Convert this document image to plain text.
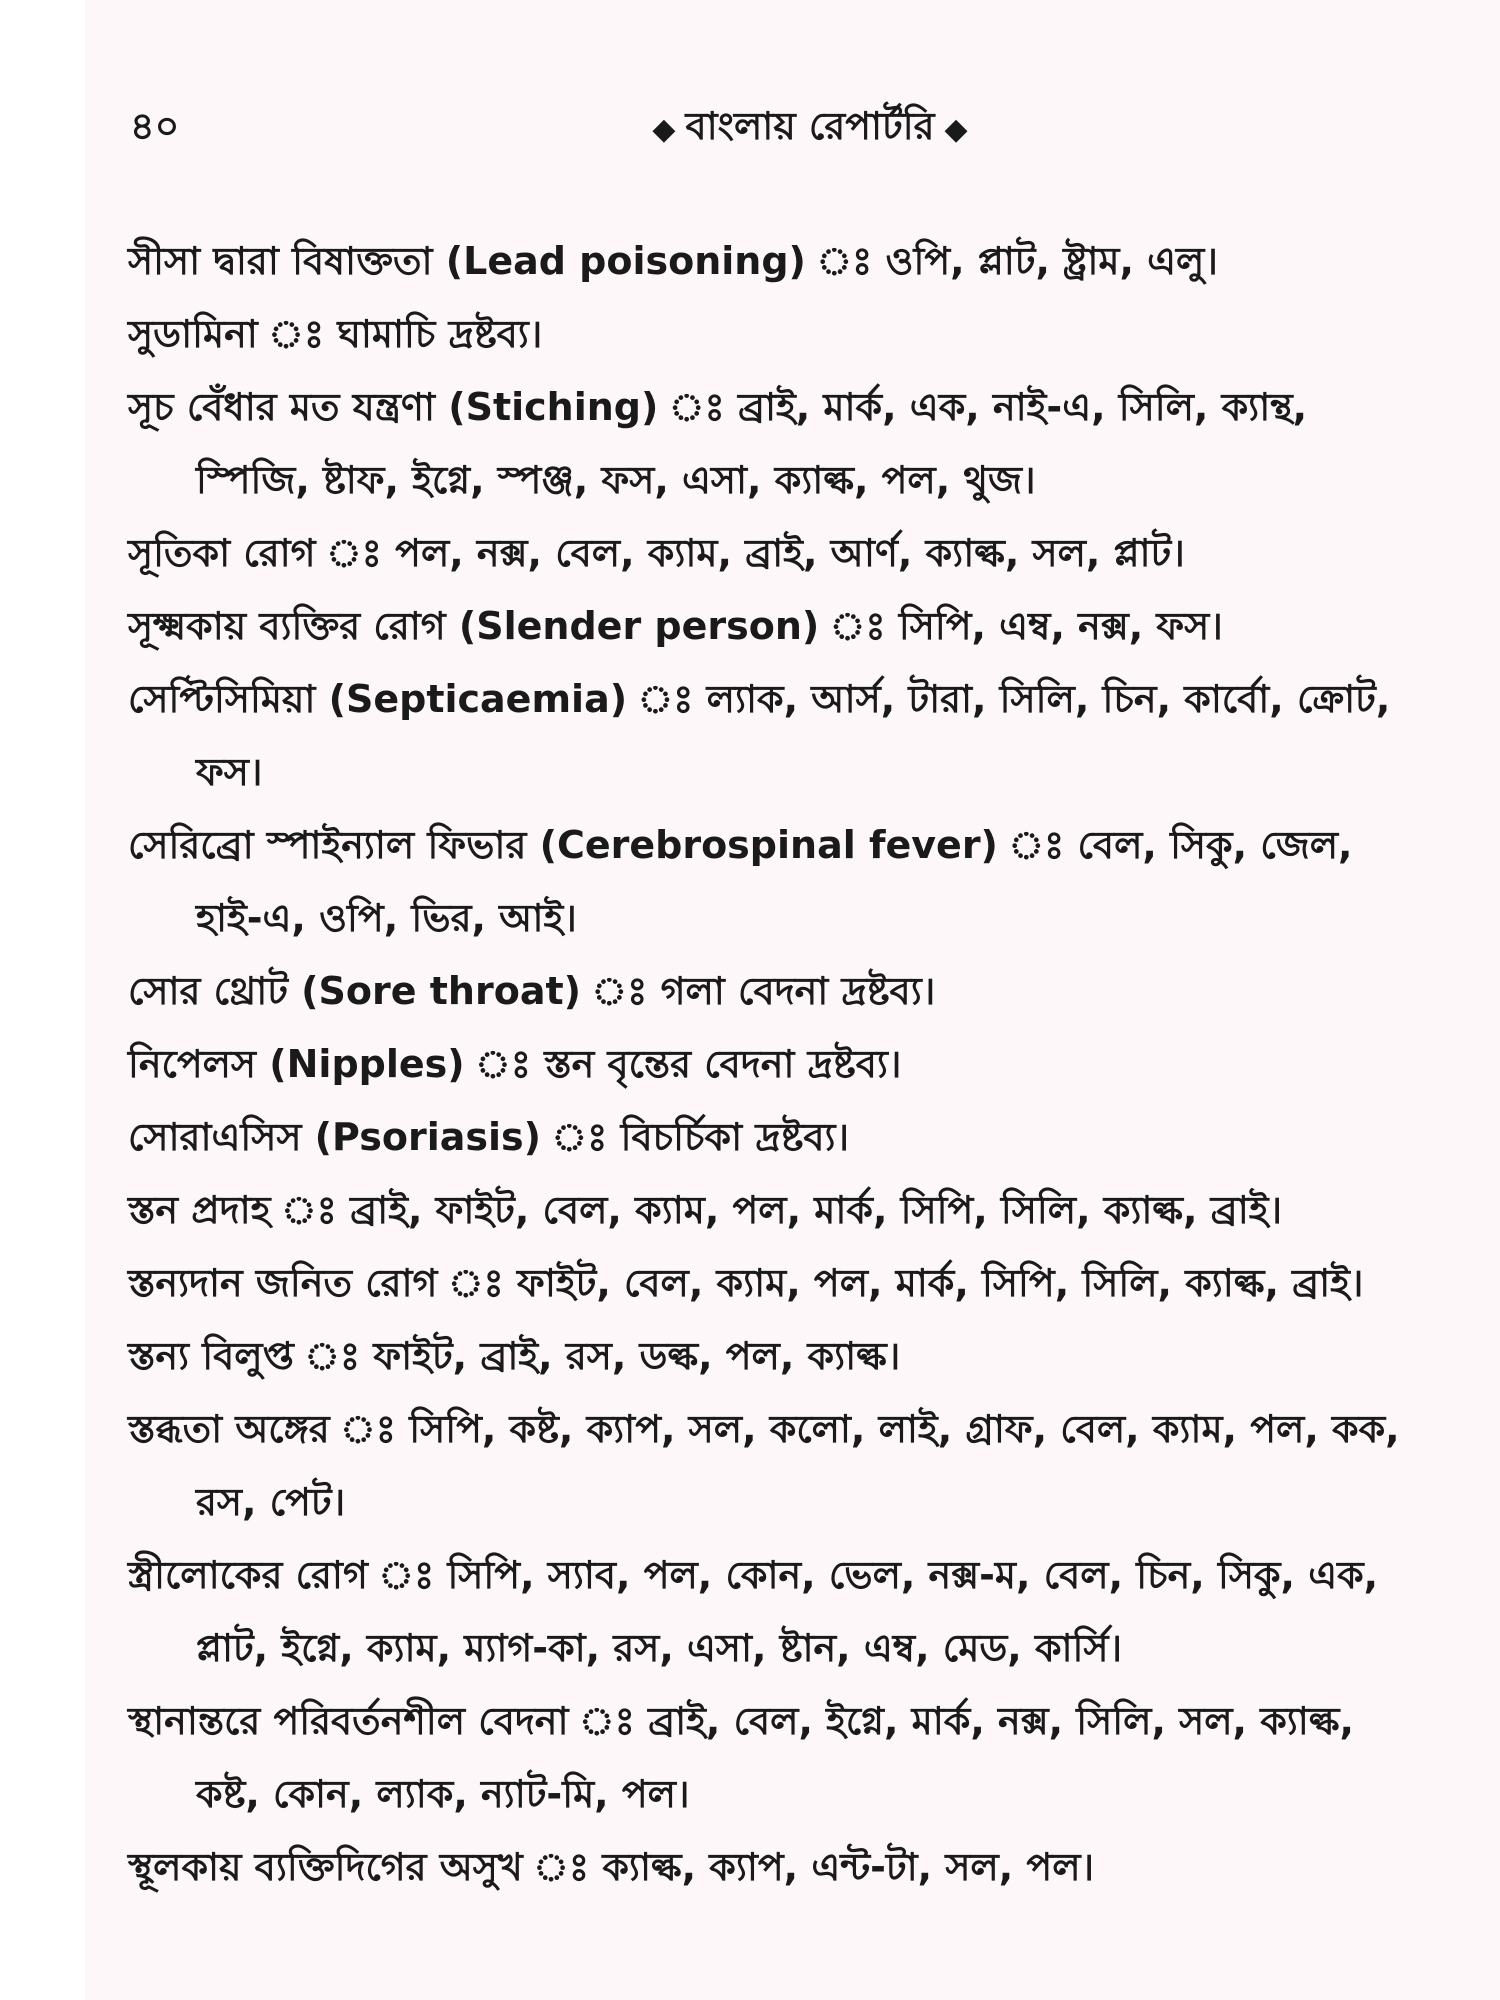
৪০	◆ বাংলায় রেপার্টরি ◆

সীসা দ্বারা বিষাক্ততা (Lead poisoning) ঃ ওপি, প্লাট, ষ্ট্রাম, এলু।

সুডামিনা ঃ ঘামাচি দ্রষ্টব্য।

সূচ বেঁধার মত যন্ত্রণা (Stiching) ঃ ব্রাই, মার্ক, এক, নাই-এ, সিলি, ক্যান্থ, স্পিজি, ষ্টাফ, ইগ্নে, স্পঞ্জ, ফস, এসা, ক্যাল্ক, পল, থুজ।

সূতিকা রোগ ঃ পল, নক্স, বেল, ক্যাম, ব্রাই, আর্ণ, ক্যাল্ক, সল, প্লাট।

সূক্ষ্মকায় ব্যক্তির রোগ (Slender person) ঃ সিপি, এম্ব, নক্স, ফস।

সেপ্টিসিমিয়া (Septicaemia) ঃ ল্যাক, আর্স, টারা, সিলি, চিন, কার্বো, ক্রোট, ফস।

সেরিব্রো স্পাইন্যাল ফিভার (Cerebrospinal fever) ঃ বেল, সিকু, জেল, হাই-এ, ওপি, ভির, আই।

সোর থ্রোট (Sore throat) ঃ গলা বেদনা দ্রষ্টব্য।

নিপেলস (Nipples) ঃ স্তন বৃন্তের বেদনা দ্রষ্টব্য।

সোরাএসিস (Psoriasis) ঃ বিচর্চিকা দ্রষ্টব্য।

স্তন প্রদাহ ঃ ব্রাই, ফাইট, বেল, ক্যাম, পল, মার্ক, সিপি, সিলি, ক্যাল্ক, ব্রাই।

স্তন্যদান জনিত রোগ ঃ ফাইট, বেল, ক্যাম, পল, মার্ক, সিপি, সিলি, ক্যাল্ক, ব্রাই।

স্তন্য বিলুপ্ত ঃ ফাইট, ব্রাই, রস, ডল্ক, পল, ক্যাল্ক।

স্তব্ধতা অঙ্গের ঃ সিপি, কষ্ট, ক্যাপ, সল, কলো, লাই, গ্রাফ, বেল, ক্যাম, পল, কক, রস, পেট।

স্ত্রীলোকের রোগ ঃ সিপি, স্যাব, পল, কোন, ভেল, নক্স-ম, বেল, চিন, সিকু, এক, প্লাট, ইগ্নে, ক্যাম, ম্যাগ-কা, রস, এসা, ষ্টান, এম্ব, মেড, কার্সি।

স্থানান্তরে পরিবর্তনশীল বেদনা ঃ ব্রাই, বেল, ইগ্নে, মার্ক, নক্স, সিলি, সল, ক্যাল্ক, কষ্ট, কোন, ল্যাক, ন্যাট-মি, পল।

স্থূলকায় ব্যক্তিদিগের অসুখ ঃ ক্যাল্ক, ক্যাপ, এন্ট-টা, সল, পল।
